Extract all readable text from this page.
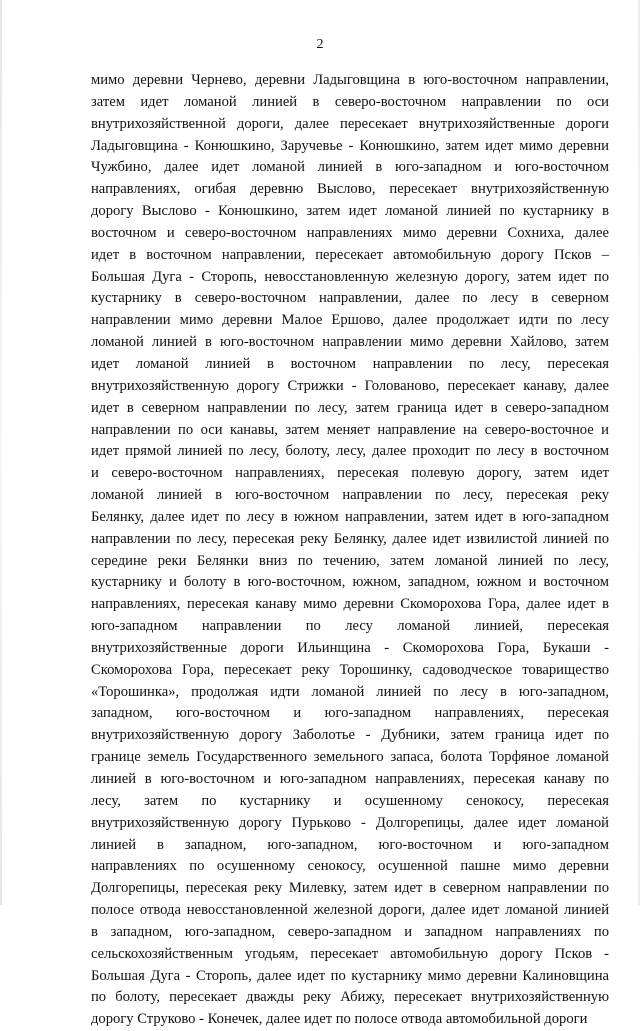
2
мимо деревни Чернево, деревни Ладыговщина в юго-восточном направлении,
затем идет ломаной линией в северо-восточном направлении по оси
внутрихозяйственной дороги, далее пересекает внутрихозяйственные дороги
Ладыговщина - Конюшкино, Заручевье - Конюшкино, затем идет мимо деревни
Чужбино, далее идет ломаной линией в юго-западном и юго-восточном
направлениях, огибая деревню Выслово, пересекает внутрихозяйственную
дорогу Выслово - Конюшкино, затем идет ломаной линией по кустарнику в
восточном и северо-восточном направлениях мимо деревни Сохниха, далее
идет в восточном направлении, пересекает автомобильную дорогу Псков –
Большая Дуга - Сторопь, невосстановленную железную дорогу, затем идет по
кустарнику в северо-восточном направлении, далее по лесу в северном
направлении мимо деревни Малое Ершово, далее продолжает идти по лесу
ломаной линией в юго-восточном направлении мимо деревни Хайлово, затем
идет ломаной линией в восточном направлении по лесу, пересекая
внутрихозяйственную дорогу Стрижки - Голованово, пересекает канаву, далее
идет в северном направлении по лесу, затем граница идет в северо-западном
направлении по оси канавы, затем меняет направление на северо-восточное и
идет прямой линией по лесу, болоту, лесу, далее проходит по лесу в восточном
и северо-восточном направлениях, пересекая полевую дорогу, затем идет
ломаной линией в юго-восточном направлении по лесу, пересекая реку
Белянку, далее идет по лесу в южном направлении, затем идет в юго-западном
направлении по лесу, пересекая реку Белянку, далее идет извилистой линией по
середине реки Белянки вниз по течению, затем ломаной линией по лесу,
кустарнику и болоту в юго-восточном, южном, западном, южном и восточном
направлениях, пересекая канаву мимо деревни Скоморохова Гора, далее идет в
юго-западном направлении по лесу ломаной линией, пересекая
внутрихозяйственные дороги Ильинщина - Скоморохова Гора, Букаши -
Скоморохова Гора, пересекает реку Торошинку, садоводческое товарищество
«Торошинка», продолжая идти ломаной линией по лесу в юго-западном,
западном, юго-восточном и юго-западном направлениях, пересекая
внутрихозяйственную дорогу Заболотье - Дубники, затем граница идет по
границе земель Государственного земельного запаса, болота Торфяное ломаной
линией в юго-восточном и юго-западном направлениях, пересекая канаву по
лесу, затем по кустарнику и осушенному сенокосу, пересекая
внутрихозяйственную дорогу Пурьково - Долгорепицы, далее идет ломаной
линией в западном, юго-западном, юго-восточном и юго-западном
направлениях по осушенному сенокосу, осушенной пашне мимо деревни
Долгорепицы, пересекая реку Милевку, затем идет в северном направлении по
полосе отвода невосстановленной железной дороги, далее идет ломаной линией
в западном, юго-западном, северо-западном и западном направлениях по
сельскохозяйственным угодьям, пересекает автомобильную дорогу Псков -
Большая Дуга - Сторопь, далее идет по кустарнику мимо деревни Калиновщина
по болоту, пересекает дважды реку Абижу, пересекает внутрихозяйственную
дорогу Струково - Конечек, далее идет по полосе отвода автомобильной дороги
